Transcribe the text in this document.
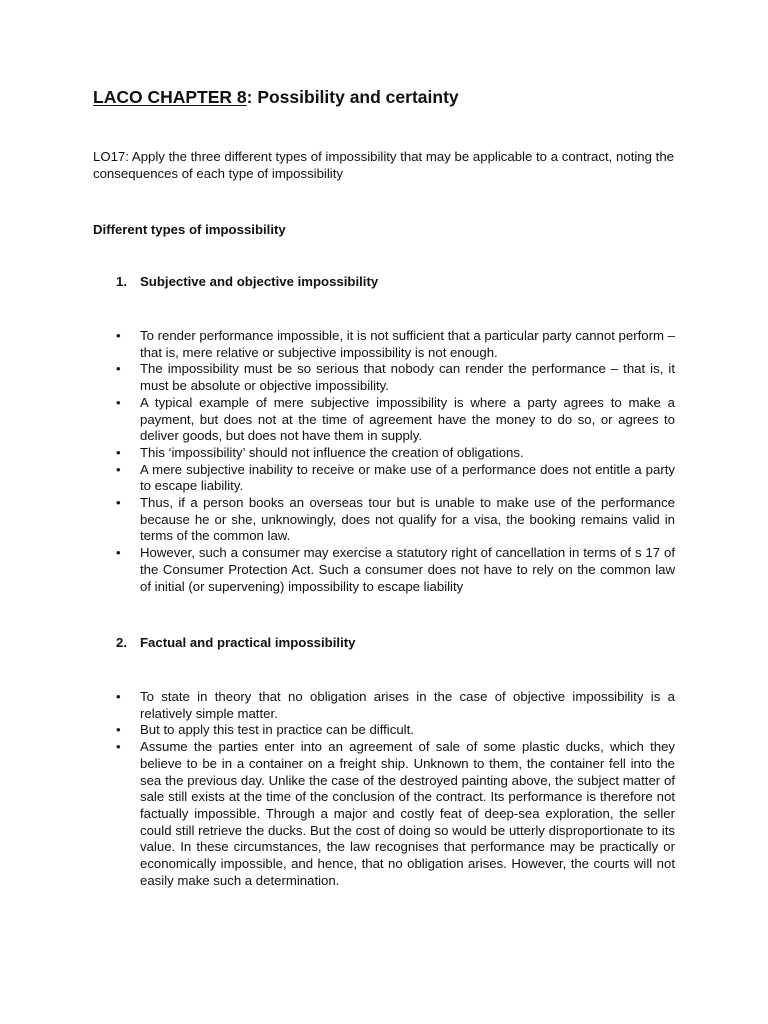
LACO CHAPTER 8: Possibility and certainty

LO17: Apply the three different types of impossibility that may be applicable to a contract, noting the consequences of each type of impossibility

Different types of impossibility

1. Subjective and objective impossibility

•	To render performance impossible, it is not sufficient that a particular party cannot perform – that is, mere relative or subjective impossibility is not enough.
•	The impossibility must be so serious that nobody can render the performance – that is, it must be absolute or objective impossibility.
•	A typical example of mere subjective impossibility is where a party agrees to make a payment, but does not at the time of agreement have the money to do so, or agrees to deliver goods, but does not have them in supply.
•	This ‘impossibility’ should not influence the creation of obligations.
•	A mere subjective inability to receive or make use of a performance does not entitle a party to escape liability.
•	Thus, if a person books an overseas tour but is unable to make use of the performance because he or she, unknowingly, does not qualify for a visa, the booking remains valid in terms of the common law.
•	However, such a consumer may exercise a statutory right of cancellation in terms of s 17 of the Consumer Protection Act. Such a consumer does not have to rely on the common law of initial (or supervening) impossibility to escape liability

2. Factual and practical impossibility

•	To state in theory that no obligation arises in the case of objective impossibility is a relatively simple matter.
•	But to apply this test in practice can be difficult.
•	Assume the parties enter into an agreement of sale of some plastic ducks, which they believe to be in a container on a freight ship. Unknown to them, the container fell into the sea the previous day. Unlike the case of the destroyed painting above, the subject matter of sale still exists at the time of the conclusion of the contract. Its performance is therefore not factually impossible. Through a major and costly feat of deep-sea exploration, the seller could still retrieve the ducks. But the cost of doing so would be utterly disproportionate to its value. In these circumstances, the law recognises that performance may be practically or economically impossible, and hence, that no obligation arises. However, the courts will not easily make such a determination.
